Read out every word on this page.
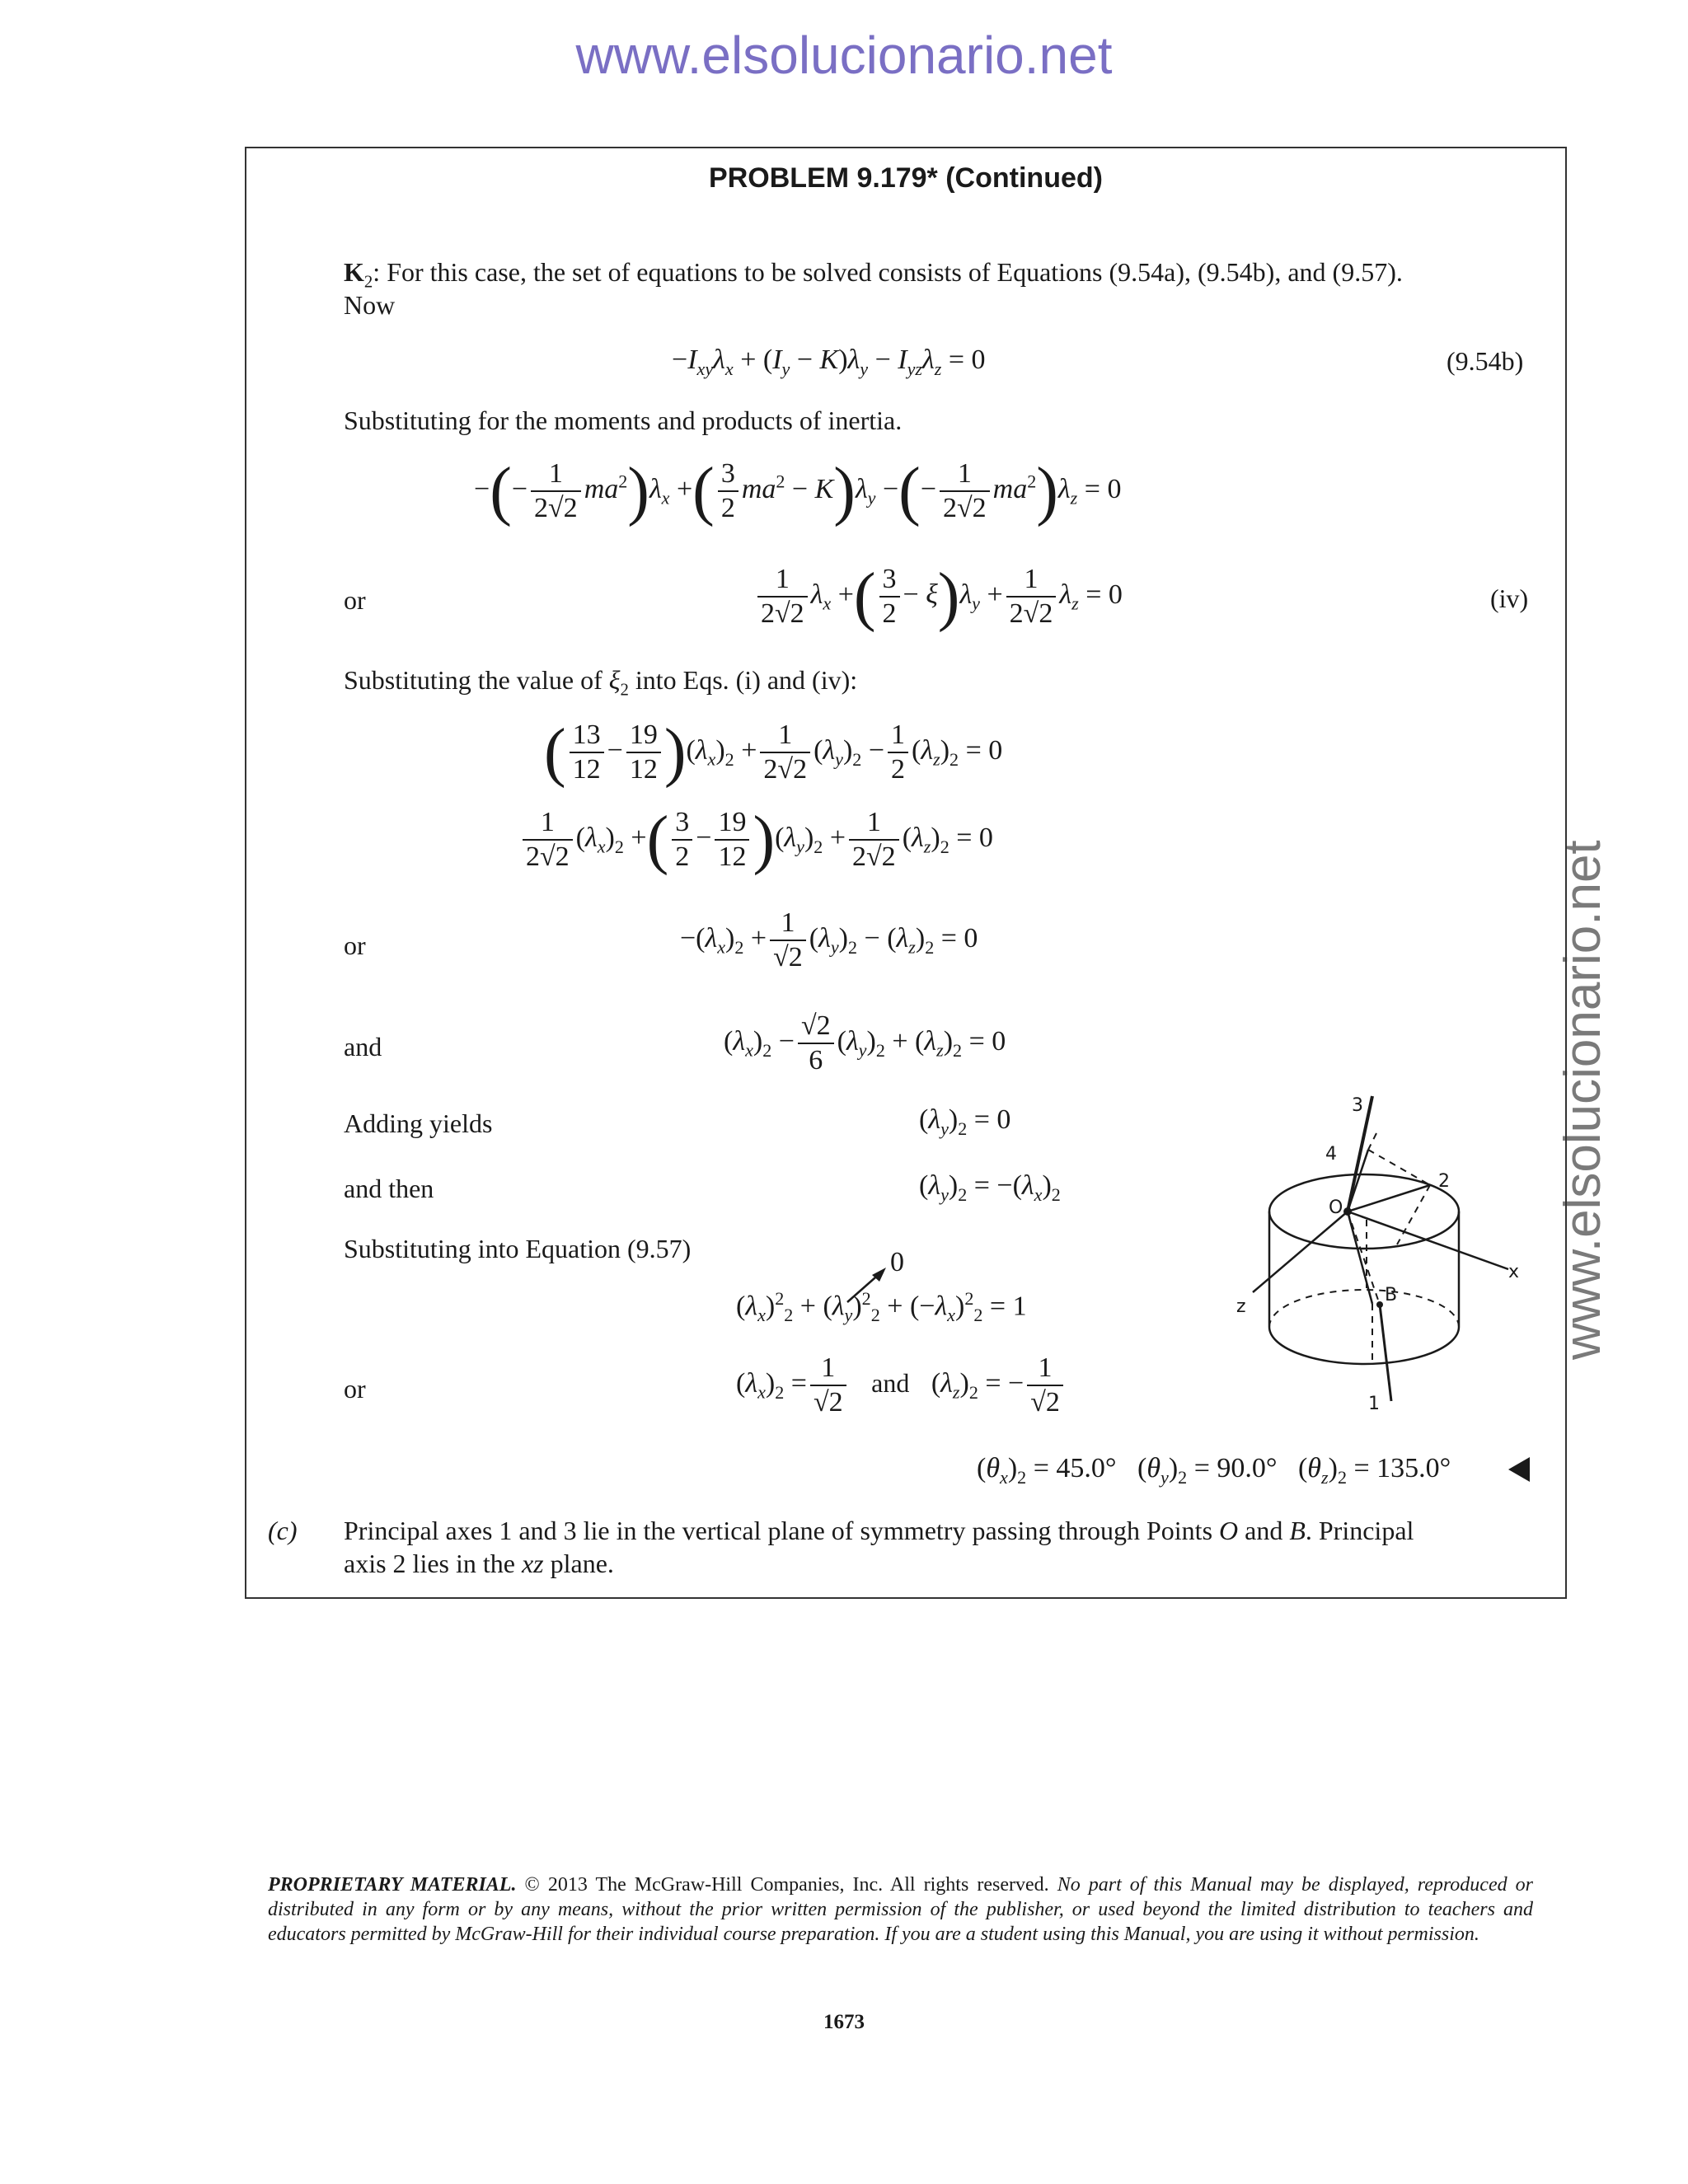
www.elsolucionario.net
www.elsolucionario.net
PROBLEM 9.179* (Continued)
$K_2$: For this case, the set of equations to be solved consists of Equations (9.54a), (9.54b), and (9.57).
Now
$-I_{xy}\lambda_x + (I_y - K)\lambda_y - I_{yz}\lambda_z = 0$	(9.54b)
Substituting for the moments and products of inertia.
−(− $\frac{1}{2√2} ma^2)\lambda_x$ +( $\frac{3}{2} ma^2 - K)\lambda_y$ −(− $\frac{1}{2√2} ma^2)\lambda_z = 0$
or	$\frac{1}{2√2} \lambda_x$ +( $\frac{3}{2} - \xi)\lambda_y + \frac{1}{2√2} \lambda_z = 0$	(iv)
Substituting the value of $\xi_2$ into Eqs. (i) and (iv):
( $\frac{13}{12} - \frac{19}{12} )(\lambda_x)_2 + \frac{1}{2√2} (\lambda_y)_2 - \frac{1}{2} (\lambda_z)_2 = 0$
$\frac{1}{2√2} (\lambda_x)_2$ +( $\frac{3}{2} - \frac{19}{12} )(\lambda_y)_2 + \frac{1}{2√2} (\lambda_z)_2 = 0$
or	$-(\lambda_x)_2 + \frac{1}{√2} (\lambda_y)_2 - (\lambda_z)_2 = 0$
and	$(\lambda_x)_2 - \frac{√2}{6} (\lambda_y)_2 + (\lambda_z)_2 = 0$
Adding yields	$(\lambda_y)_2 = 0$
and then	$(\lambda_y)_2 = -(\lambda_x)_2$
Substituting into Equation (9.57)	0
$(\lambda_x)^2_2 + (\lambda_y)^2_2 + (-\lambda_x)^2_2 = 1$
or	$(\lambda_x)_2 = \frac{1}{√2}$ and $(\lambda_z)_2$ = − $\frac{1}{√2}$
$(\theta_x)_2 = 45.0^\circ$   $(\theta_y)_2 = 90.0^\circ$   $(\theta_z)_2 = 135.0^\circ$
(c) Principal axes 1 and 3 lie in the vertical plane of symmetry passing through Points O and B. Principal
axis 2 lies in the xz plane.
3
4
O
2
x
z
B
1
PROPRIETARY MATERIAL. © 2013 The McGraw-Hill Companies, Inc. All rights reserved. No part of this Manual may be displayed, reproduced or distributed in any form or by any means, without the prior written permission of the publisher, or used beyond the limited distribution to teachers and educators permitted by McGraw-Hill for their individual course preparation. If you are a student using this Manual, you are using it without permission.
1673
